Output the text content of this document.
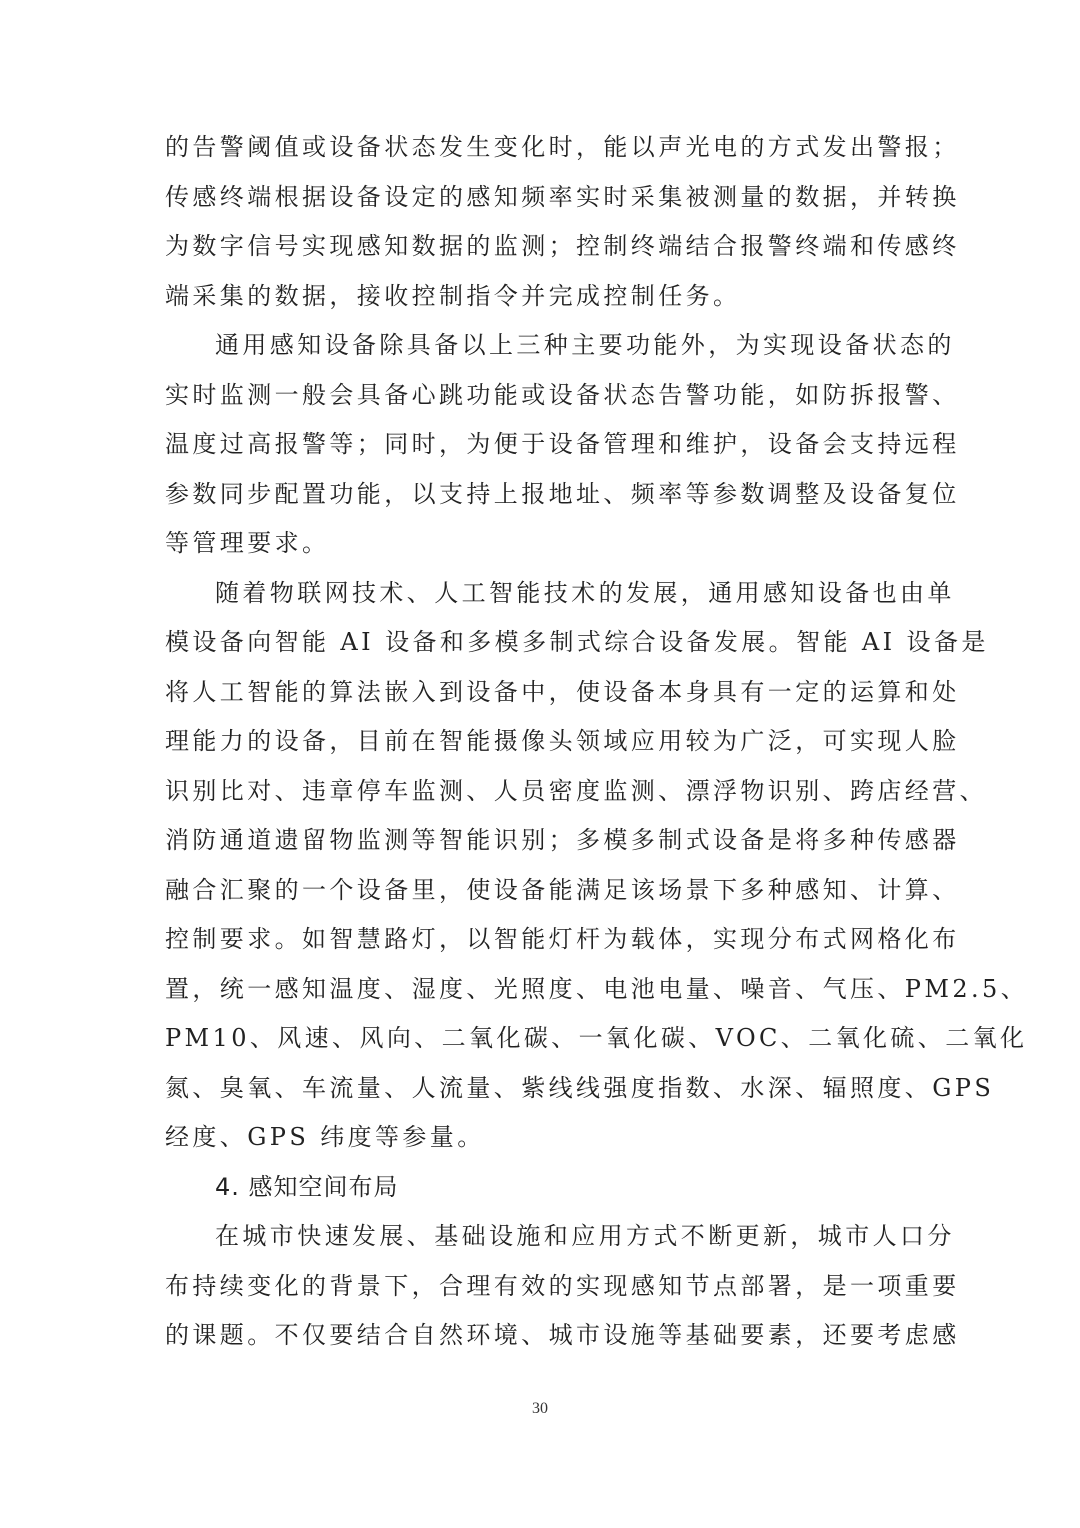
的告警阈值或设备状态发生变化时，能以声光电的方式发出警报；
传感终端根据设备设定的感知频率实时采集被测量的数据，并转换
为数字信号实现感知数据的监测；控制终端结合报警终端和传感终
端采集的数据，接收控制指令并完成控制任务。
通用感知设备除具备以上三种主要功能外，为实现设备状态的
实时监测一般会具备心跳功能或设备状态告警功能，如防拆报警、
温度过高报警等；同时，为便于设备管理和维护，设备会支持远程
参数同步配置功能，以支持上报地址、频率等参数调整及设备复位
等管理要求。
随着物联网技术、人工智能技术的发展，通用感知设备也由单
模设备向智能 AI 设备和多模多制式综合设备发展。智能 AI 设备是
将人工智能的算法嵌入到设备中，使设备本身具有一定的运算和处
理能力的设备，目前在智能摄像头领域应用较为广泛，可实现人脸
识别比对、违章停车监测、人员密度监测、漂浮物识别、跨店经营、
消防通道遗留物监测等智能识别；多模多制式设备是将多种传感器
融合汇聚的一个设备里，使设备能满足该场景下多种感知、计算、
控制要求。如智慧路灯，以智能灯杆为载体，实现分布式网格化布
置，统一感知温度、湿度、光照度、电池电量、噪音、气压、PM2.5、
PM10、风速、风向、二氧化碳、一氧化碳、VOC、二氧化硫、二氧化
氮、臭氧、车流量、人流量、紫线线强度指数、水深、辐照度、GPS
经度、GPS 纬度等参量。
4. 感知空间布局
在城市快速发展、基础设施和应用方式不断更新，城市人口分
布持续变化的背景下，合理有效的实现感知节点部署，是一项重要
的课题。不仅要结合自然环境、城市设施等基础要素，还要考虑感
30
